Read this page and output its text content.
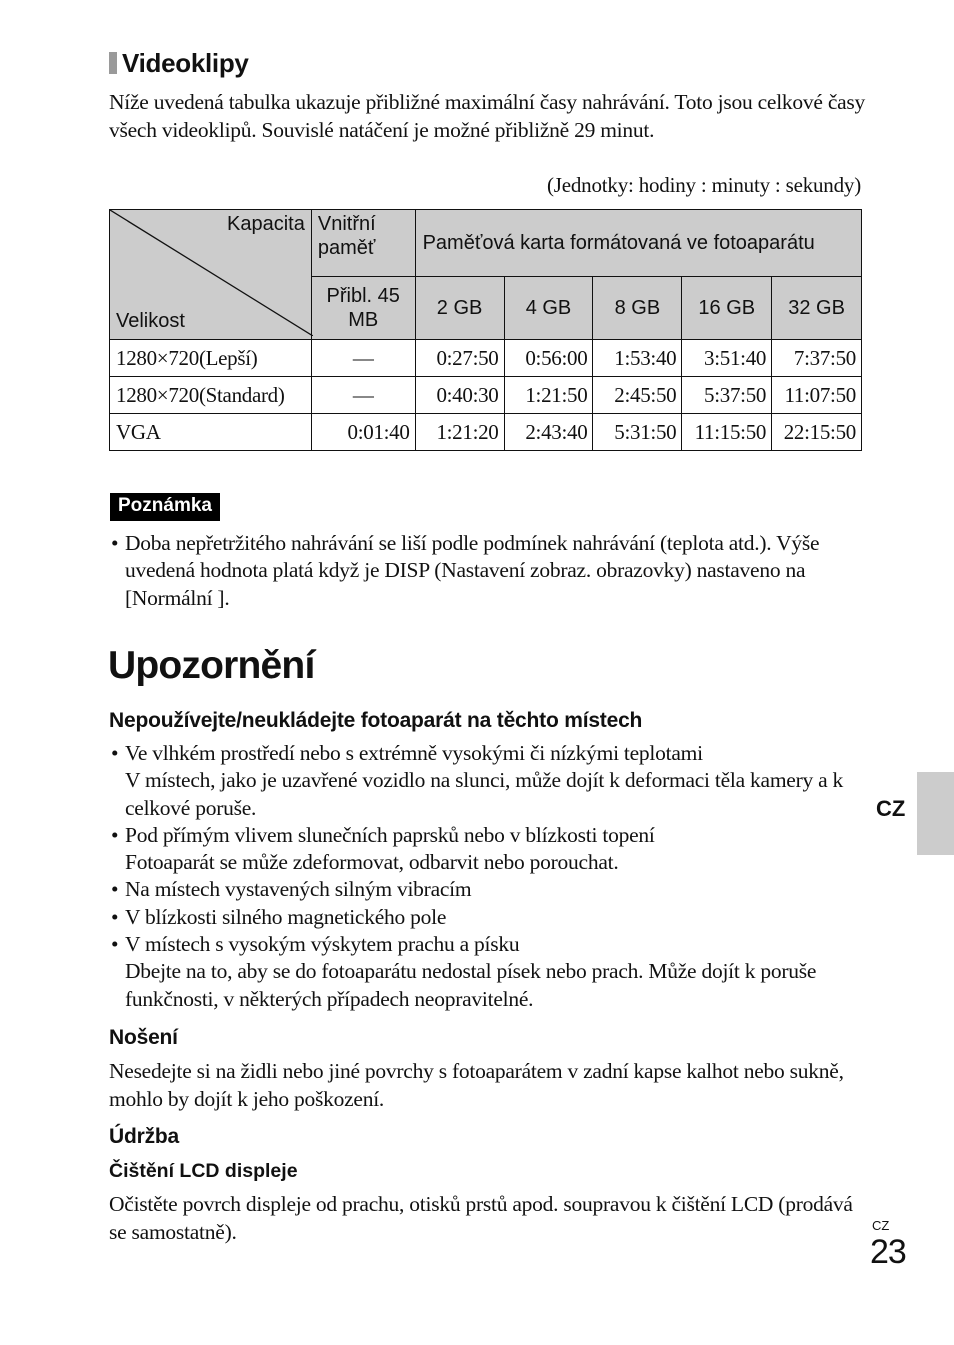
Videoklipy
Níže uvedená tabulka ukazuje přibližné maximální časy nahrávání. Toto jsou celkové časy všech videoklipů. Souvislé natáčení je možné přibližně 29 minut.
(Jednotky: hodiny : minuty : sekundy)
Kapacita
Velikost	Vnitřní paměť	Paměťová karta formátovaná ve fotoaparátu				
	Přibl. 45 MB	2 GB	4 GB	8 GB	16 GB	32 GB
1280×720(Lepší)	—	0:27:50	0:56:00	1:53:40	3:51:40	7:37:50
1280×720(Standard)	—	0:40:30	1:21:50	2:45:50	5:37:50	11:07:50
VGA	0:01:40	1:21:20	2:43:40	5:31:50	11:15:50	22:15:50
Poznámka
• Doba nepřetržitého nahrávání se liší podle podmínek nahrávání (teplota atd.). Výše uvedená hodnota platá když je DISP (Nastavení zobraz. obrazovky) nastaveno na [Normální ].
Upozornění
Nepoužívejte/neukládejte fotoaparát na těchto místech
• Ve vlhkém prostředí nebo s extrémně vysokými či nízkými teplotami
V místech, jako je uzavřené vozidlo na slunci, může dojít k deformaci těla kamery a k celkové poruše.
• Pod přímým vlivem slunečních paprsků nebo v blízkosti topení
Fotoaparát se může zdeformovat, odbarvit nebo porouchat.
• Na místech vystavených silným vibracím
• V blízkosti silného magnetického pole
• V místech s vysokým výskytem prachu a písku
Dbejte na to, aby se do fotoaparátu nedostal písek nebo prach. Může dojít k poruše funkčnosti, v některých případech neopravitelné.
Nošení
Nesedejte si na židli nebo jiné povrchy s fotoaparátem v zadní kapse kalhot nebo sukně, mohlo by dojít k jeho poškození.
Údržba
Čištění LCD displeje
Očistěte povrch displeje od prachu, otisků prstů apod. soupravou k čištění LCD (prodává se samostatně).
CZ
CZ
23
